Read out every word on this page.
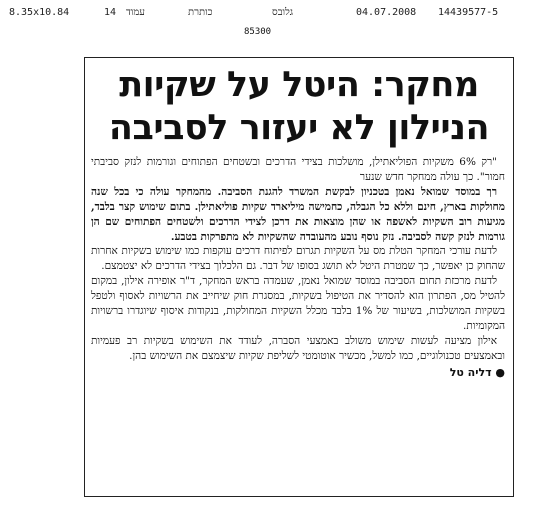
8.35x10.84	14 עמוד	כותרת	גלובס	04.07.2008 14439577-5
85300
מחקר: היטל על שקיות
הניילון לא יעזור לסביבה

"רק 6% משקיות הפוליאתילן, מושלכות בצידי הדרכים ובשטחים הפתוחים וגורמות לנזק סביבתי חמור". כך עולה ממחקר חדש שנער

רך במוסד שמואל נאמן בטכניון לבקשת המשרד להגנת הסביבה. מהמחקר עולה כי בכל שנה מחולקות בארץ, חינם וללא כל הגבלה, כחמישה מיליארד שקיות פוליאתילן. בתום שימוש קצר בלבד, מגיעות רוב השקיות לאשפה או שהן מוצאות את דרכן לצידי הדרכים ולשטחים הפתוחים שם הן גורמות לנזק קשה לסביבה. נזק נוסף נובע מהעובדה שהשקיות לא מתפרקות בטבע.

לדעת עורכי המחקר הטלת מס על השקיות תגרום לפיתוח דרכים עוקפות כמו שימוש בשקיות אחרות שהחוק כן יאפשר, כך שמטרת היטל לא תושג בסופו של דבר. גם הלכלוך בצידי הדרכים לא יצטמצם.

לדעת מרכזת תחום הסביבה במוסד שמואל נאמן, שעמדה בראש המחקר, ד"ר אופירה אילון, במקום להטיל מס, הפתרון הוא להסדיר את הטיפול בשקיות, במסגרת חוק שיחייב את הרשויות לאסוף ולטפל בשקיות המושלכות, בשיעור של 1% בלבד מכלל השקיות המחולקות, בנקודות איסוף שיוגדרו ברשויות המקומיות.

אילון מציעה לעשות שימוש משולב באמצעי הסברה, לעודד את השימוש בשקיות רב פעמיות ובאמצעים טכנולוגיים, כמו למשל, מכשיר אוטומטי לשליפת שקיות שיצמצם את השימוש בהן.

● דליה טל
